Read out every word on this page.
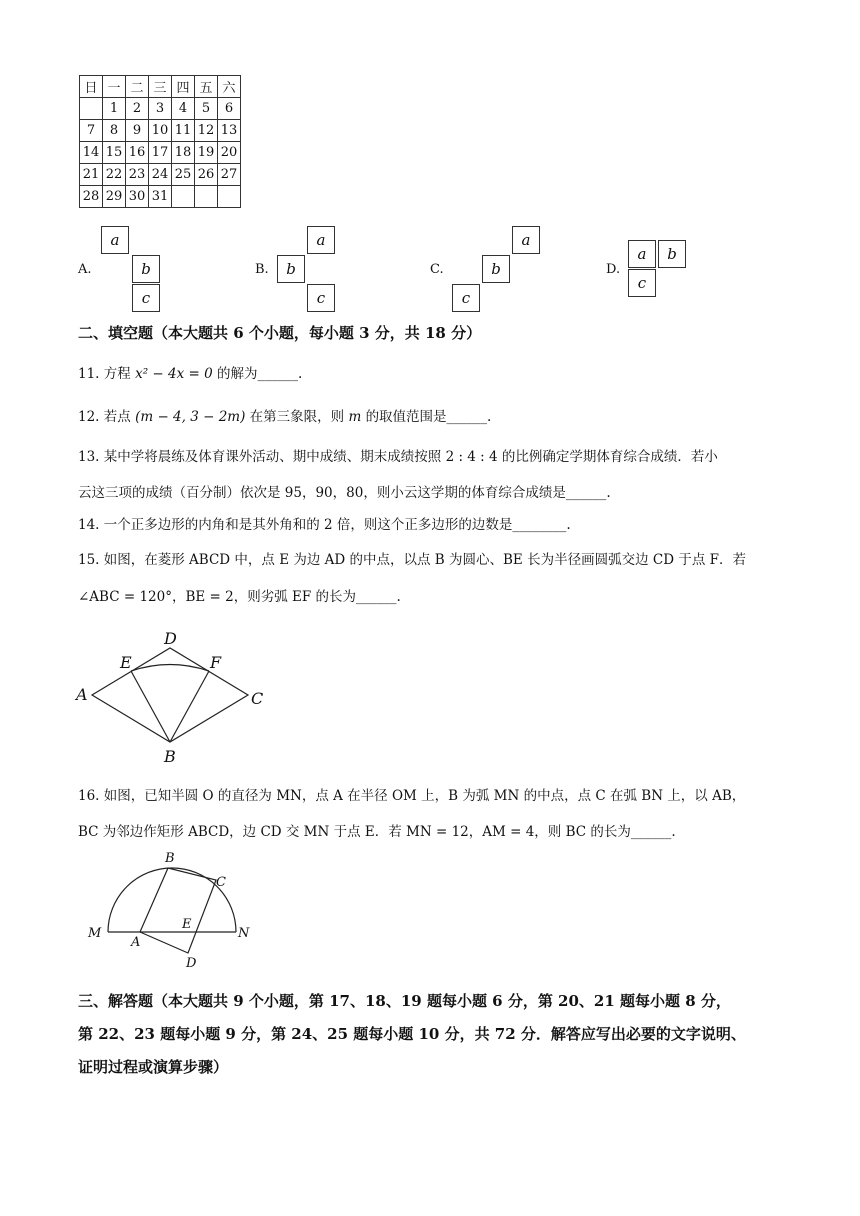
日	一	二	三	四	五	六
	1	2	3	4	5	6
7	8	9	10	11	12	13
14	15	16	17	18	19	20
21	22	23	24	25	26	27
28	29	30	31			
A.
a
b
c
B.
a
b
c
C.
a
b
c
D.
a	b
c
二、填空题（本大题共 6 个小题，每小题 3 分，共 18 分）
11. 方程 x² − 4x = 0 的解为______.
12. 若点 (m − 4, 3 − 2m) 在第三象限，则 m 的取值范围是______.
13. 某中学将晨练及体育课外活动、期中成绩、期末成绩按照 2 : 4 : 4 的比例确定学期体育综合成绩．若小
云这三项的成绩（百分制）依次是 95，90，80，则小云这学期的体育综合成绩是______.
14. 一个正多边形的内角和是其外角和的 2 倍，则这个正多边形的边数是________.
15. 如图，在菱形 ABCD 中，点 E 为边 AD 的中点，以点 B 为圆心、BE 长为半径画圆弧交边 CD 于点 F．若
∠ABC = 120°，BE = 2，则劣弧 EF 的长为______.
A
B
C
D
E	F
16. 如图，已知半圆 O 的直径为 MN，点 A 在半径 OM 上，B 为弧 MN 的中点，点 C 在弧 BN 上，以 AB，
BC 为邻边作矩形 ABCD，边 CD 交 MN 于点 E．若 MN = 12，AM = 4，则 BC 的长为______.
M
A
E
N
B
C
D
三、解答题（本大题共 9 个小题，第 17、18、19 题每小题 6 分，第 20、21 题每小题 8 分，
第 22、23 题每小题 9 分，第 24、25 题每小题 10 分，共 72 分．解答应写出必要的文字说明、
证明过程或演算步骤）
